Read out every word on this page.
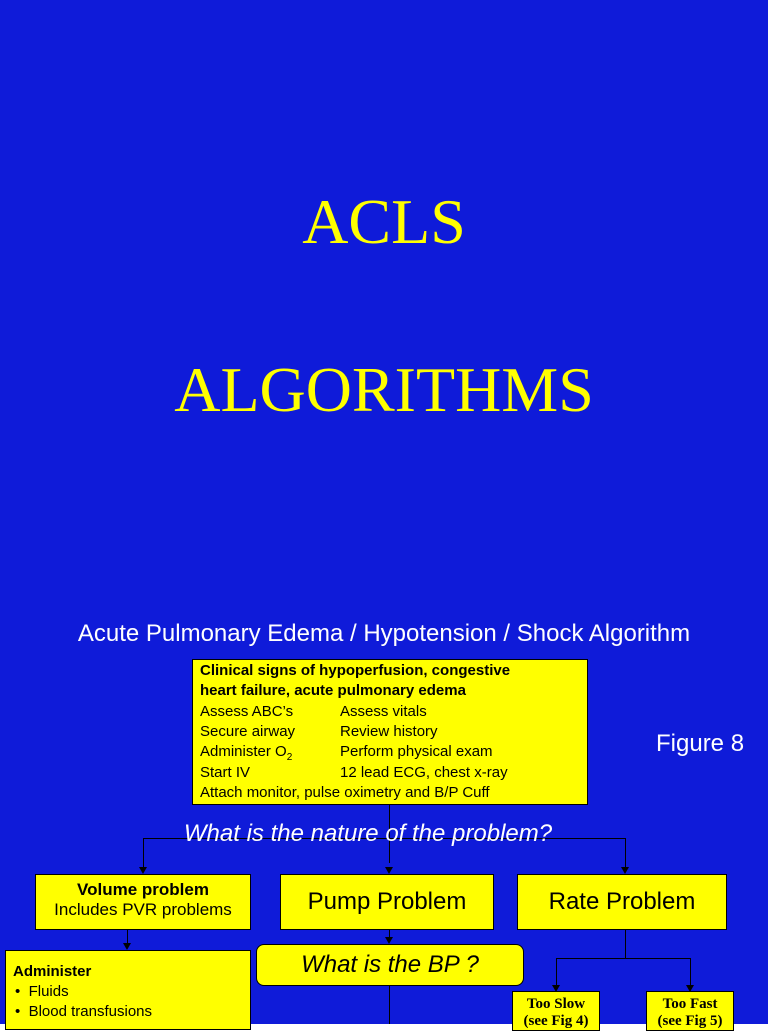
ACLS
ALGORITHMS
Acute Pulmonary Edema / Hypotension / Shock Algorithm
Figure 8
Clinical signs of hypoperfusion, congestive
heart failure, acute pulmonary edema
Assess ABC’s	Assess vitals
Secure airway	Review history
Administer $O_2$	Perform physical exam
Start IV	12 lead ECG, chest x-ray
Attach monitor, pulse oximetry and B/P Cuff
What is the nature of the problem?
Volume problem
Includes PVR problems	Pump Problem	Rate Problem
What is the BP ?
Administer
•  Fluids
•  Blood transfusions	Too Slow
(see Fig 4)
Too Fast
(see Fig 5)
